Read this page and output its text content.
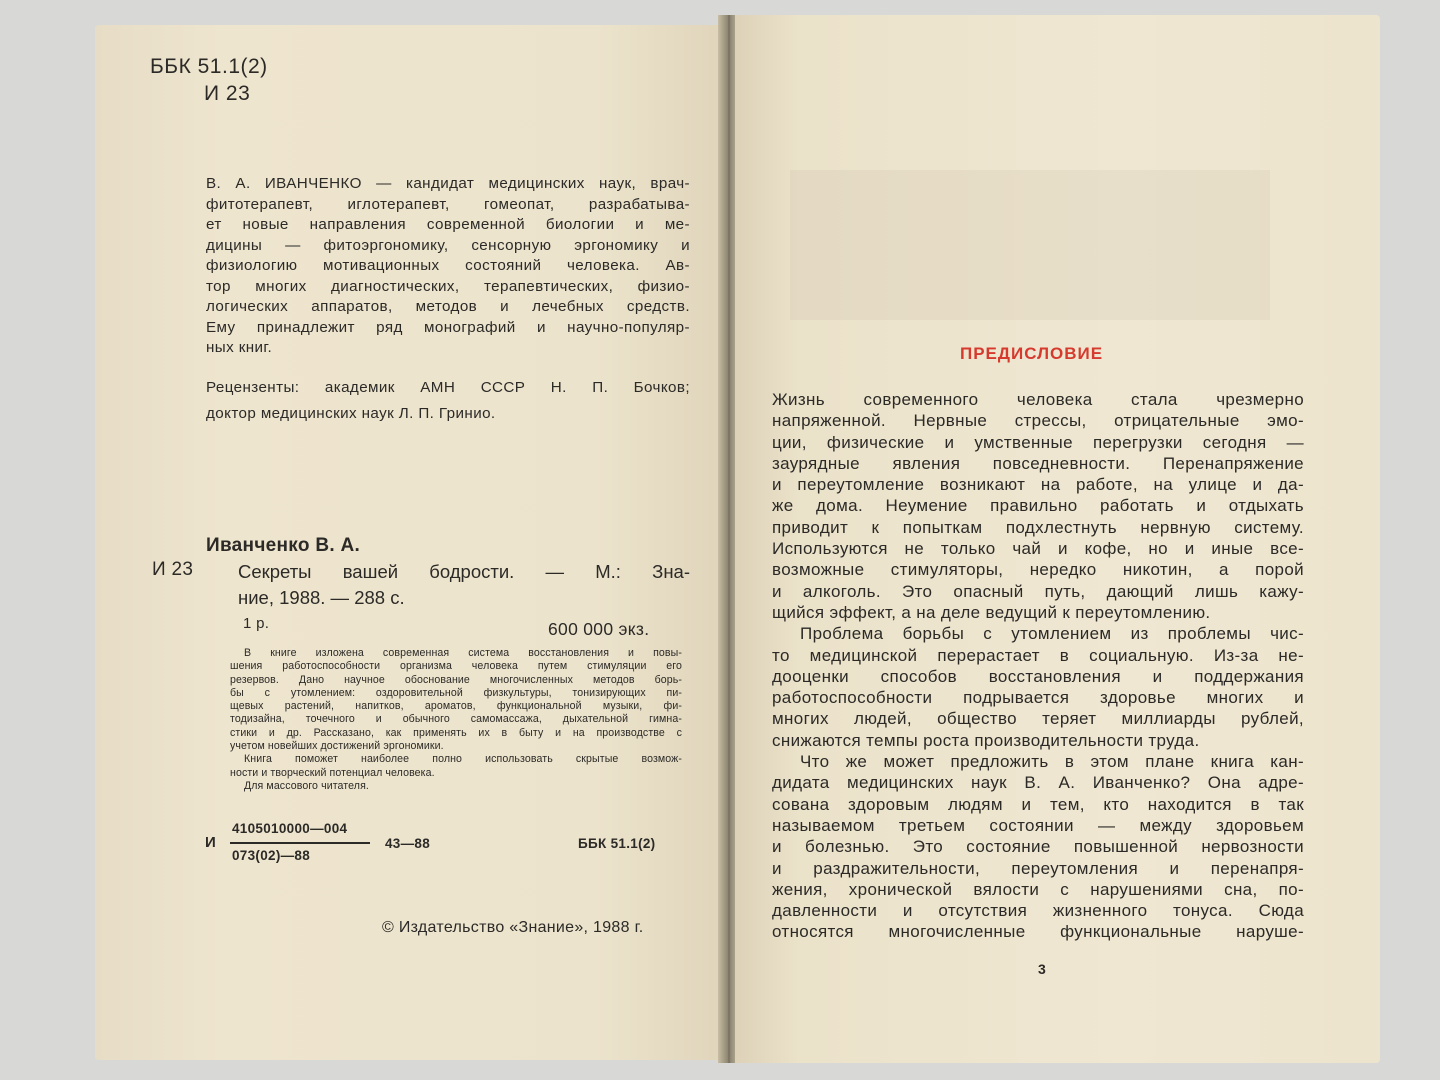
ББК 51.1(2)
И 23
В. А. ИВАНЧЕНКО — кандидат медицинских наук, врач-
фитотерапевт, иглотерапевт, гомеопат, разрабатыва-
ет новые направления современной биологии и ме-
дицины — фитоэргономику, сенсорную эргономику и
физиологию мотивационных состояний человека. Ав-
тор многих диагностических, терапевтических, физио-
логических аппаратов, методов и лечебных средств.
Ему принадлежит ряд монографий и научно-популяр-
ных книг.
Рецензенты: академик АМН СССР Н. П. Бочков;
доктор медицинских наук Л. П. Гринио.
Иванченко В. А.
И 23 Секреты вашей бодрости. — М.: Зна-
ние, 1988. — 288 с.
1 р.	600 000 экз.
В книге изложена современная система восстановления и повы-
шения работоспособности организма человека путем стимуляции его
резервов. Дано научное обоснование многочисленных методов борь-
бы с утомлением: оздоровительной физкультуры, тонизирующих пи-
щевых растений, напитков, ароматов, функциональной музыки, фи-
тодизайна, точечного и обычного самомассажа, дыхательной гимна-
стики и др. Рассказано, как применять их в быту и на производстве с
учетом новейших достижений эргономики.
Книга поможет наиболее полно использовать скрытые возмож-
ности и творческий потенциал человека.
Для массового читателя.
И
4105010000—004
073(02)—88
43—88	ББК 51.1(2)
© Издательство «Знание», 1988 г.
ПРЕДИСЛОВИЕ
Жизнь современного человека стала чрезмерно
напряженной. Нервные стрессы, отрицательные эмо-
ции, физические и умственные перегрузки сегодня —
заурядные явления повседневности. Перенапряжение
и переутомление возникают на работе, на улице и да-
же дома. Неумение правильно работать и отдыхать
приводит к попыткам подхлестнуть нервную систему.
Используются не только чай и кофе, но и иные все-
возможные стимуляторы, нередко никотин, а порой
и алкоголь. Это опасный путь, дающий лишь кажу-
щийся эффект, а на деле ведущий к переутомлению.
Проблема борьбы с утомлением из проблемы чис-
то медицинской перерастает в социальную. Из-за не-
дооценки способов восстановления и поддержания
работоспособности подрывается здоровье многих и
многих людей, общество теряет миллиарды рублей,
снижаются темпы роста производительности труда.
Что же может предложить в этом плане книга кан-
дидата медицинских наук В. А. Иванченко? Она адре-
сована здоровым людям и тем, кто находится в так
называемом третьем состоянии — между здоровьем
и болезнью. Это состояние повышенной нервозности
и раздражительности, переутомления и перенапря-
жения, хронической вялости с нарушениями сна, по-
давленности и отсутствия жизненного тонуса. Сюда
относятся многочисленные функциональные наруше-
3
